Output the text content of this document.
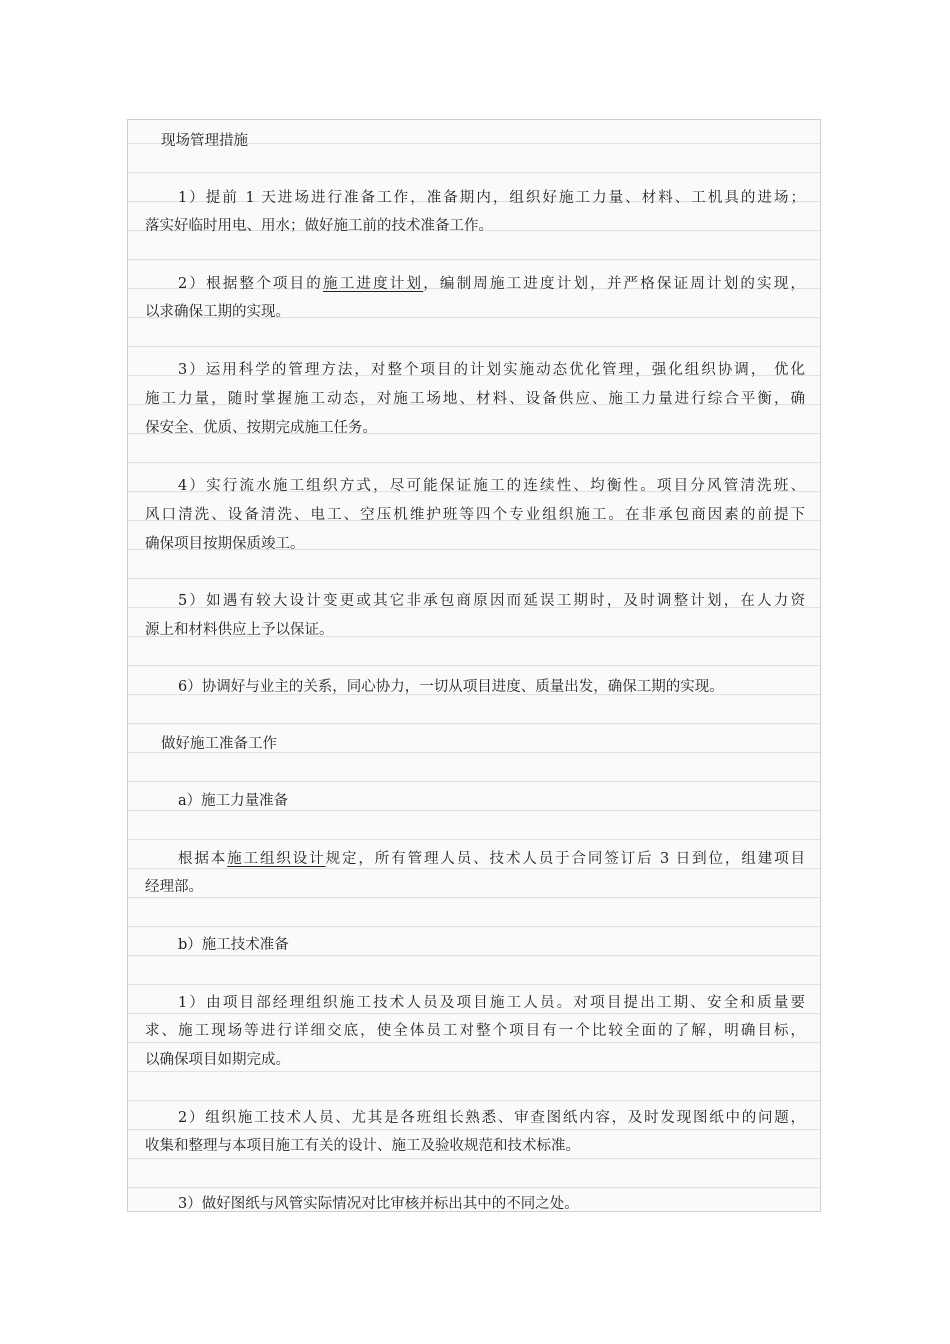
现场管理措施
1）提前 1 天进场进行准备工作，准备期内，组织好施工力量、材料、工机具的进场；
落实好临时用电、用水；做好施工前的技术准备工作。
2）根据整个项目的施工进度计划，编制周施工进度计划，并严格保证周计划的实现，
以求确保工期的实现。
3）运用科学的管理方法，对整个项目的计划实施动态优化管理，强化组织协调， 优化
施工力量，随时掌握施工动态，对施工场地、材料、设备供应、施工力量进行综合平衡，确
保安全、优质、按期完成施工任务。
4）实行流水施工组织方式，尽可能保证施工的连续性、均衡性。项目分风管清洗班、
风口清洗、设备清洗、电工、空压机维护班等四个专业组织施工。在非承包商因素的前提下
确保项目按期保质竣工。
5）如遇有较大设计变更或其它非承包商原因而延误工期时，及时调整计划，在人力资
源上和材料供应上予以保证。
6）协调好与业主的关系，同心协力，一切从项目进度、质量出发，确保工期的实现。
做好施工准备工作
a）施工力量准备
根据本施工组织设计规定，所有管理人员、技术人员于合同签订后 3 日到位，组建项目
经理部。
b）施工技术准备
1）由项目部经理组织施工技术人员及项目施工人员。对项目提出工期、安全和质量要
求、施工现场等进行详细交底，使全体员工对整个项目有一个比较全面的了解，明确目标，
以确保项目如期完成。
2）组织施工技术人员、尤其是各班组长熟悉、审查图纸内容，及时发现图纸中的问题，
收集和整理与本项目施工有关的设计、施工及验收规范和技术标准。
3）做好图纸与风管实际情况对比审核并标出其中的不同之处。
